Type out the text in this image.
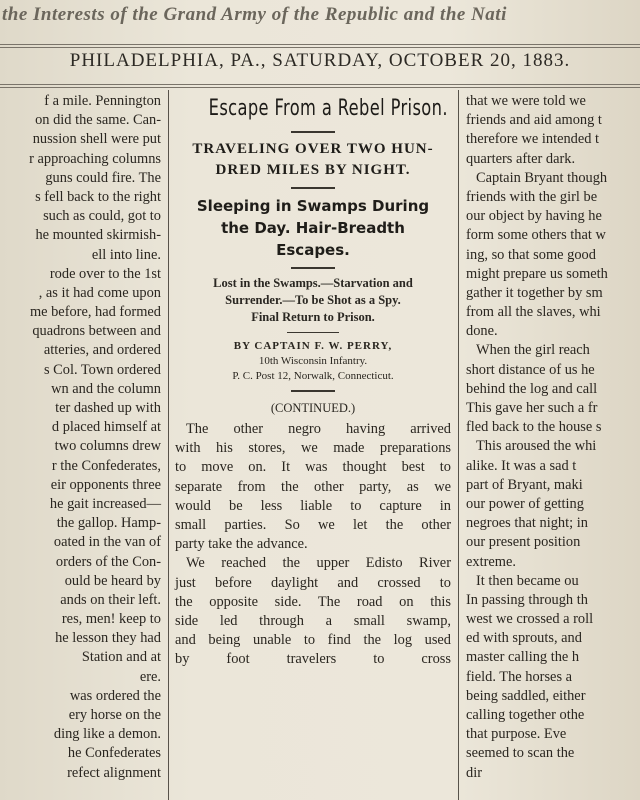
the Interests of the Grand Army of the Republic and the Nati
PHILADELPHIA, PA., SATURDAY, OCTOBER 20, 1883.
f a mile. Pennington
on did the same. Can-
nussion shell were put
r approaching columns
guns could fire. The
s fell back to the right
such as could, got to
he mounted skirmish-
ell into line.
rode over to the 1st
, as it had come upon
me before, had formed
quadrons between and
atteries, and ordered
s Col. Town ordered
wn and the column
ter dashed up with
d placed himself at
two columns drew
r the Confederates,
eir opponents three
he gait increased—
the gallop. Hamp-
oated in the van of
orders of the Con-
ould be heard by
ands on their left.
res, men! keep to
he lesson they had
Station and at
ere.
was ordered the
ery horse on the
ding like a demon.
he Confederates
refect alignment
Escape From a Rebel Prison.
TRAVELING OVER TWO HUN-
DRED MILES BY NIGHT.
Sleeping in Swamps During
the Day. Hair-Breadth
Escapes.
Lost in the Swamps.—Starvation and
Surrender.—To be Shot as a Spy.
Final Return to Prison.
BY CAPTAIN F. W. PERRY,
10th Wisconsin Infantry.
P. C. Post 12, Norwalk, Connecticut.
(CONTINUED.)
The other negro having arrived
with his stores, we made preparations
to move on. It was thought best to
separate from the other party, as we
would be less liable to capture in
small parties. So we let the other
party take the advance.
We reached the upper Edisto River
just before daylight and crossed to
the opposite side. The road on this
side led through a small swamp,
and being unable to find the log used
by foot travelers to cross
that we were told we
friends and aid among t
therefore we intended t
quarters after dark.
Captain Bryant though
friends with the girl be
our object by having he
form some others that w
ing, so that some good
might prepare us someth
gather it together by sm
from all the slaves, whi
done.
When the girl reach
short distance of us he
behind the log and call
This gave her such a fr
fled back to the house s
This aroused the whi
alike. It was a sad t
part of Bryant, maki
our power of getting
negroes that night; in
our present position
extreme.
It then became ou
In passing through th
west we crossed a roll
ed with sprouts, and
master calling the h
field. The horses a
being saddled, either
calling together othe
that purpose. Eve
seemed to scan the
dir
